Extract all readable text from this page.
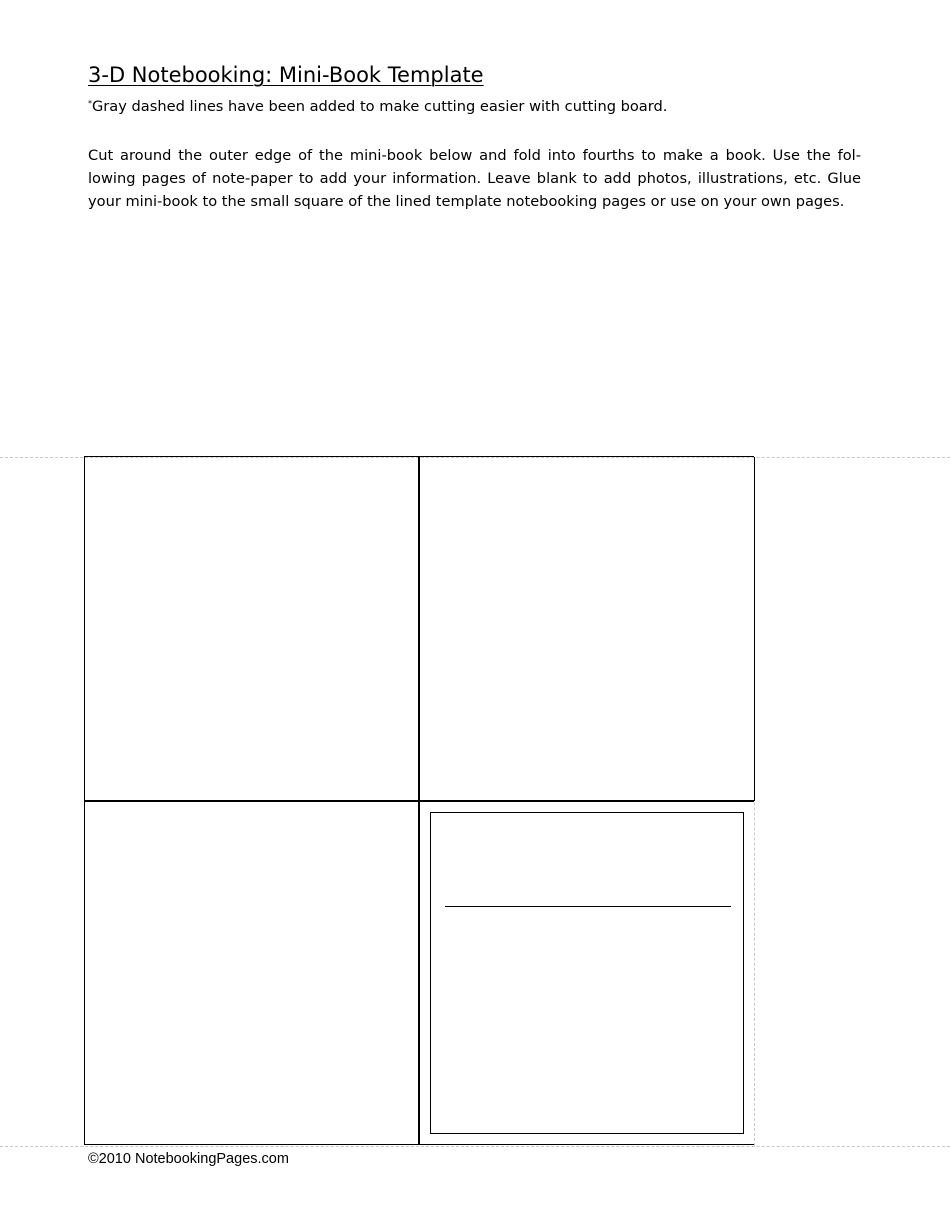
3-D Notebooking: Mini-Book Template
*Gray dashed lines have been added to make cutting easier with cutting board.

Cut around the outer edge of the mini-book below and fold into fourths to make a book. Use the fol-lowing pages of note-paper to add your information. Leave blank to add photos, illustrations, etc. Glue your mini-book to the small square of the lined template notebooking pages or use on your own pages.

©2010 NotebookingPages.com
